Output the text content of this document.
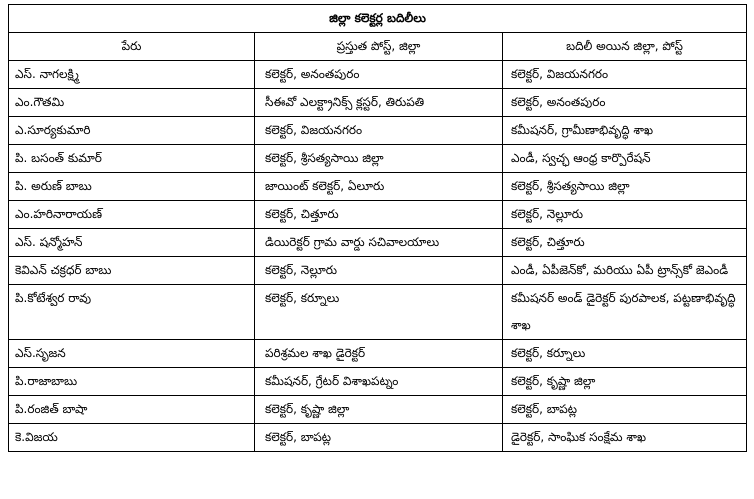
జిల్లా కలెక్టర్ల బదిలీలు		
పేరు	ప్రస్తుత పోస్ట్, జిల్లా	బదిలీ అయిన జిల్లా, పోస్ట్
ఎస్. నాగలక్ష్మి	కలెక్టర్, అనంతపురం	కలెక్టర్, విజయనగరం
ఎం.గౌతమి	సీఈవో ఎలక్ట్రానిక్స్ క్లస్టర్, తిరుపతి	కలెక్టర్, అనంతపురం
ఎ.సూర్యకుమారి	కలెక్టర్, విజయనగరం	కమీషనర్, గ్రామీణాభివృద్ధి శాఖ
పి. బసంత్ కుమార్	కలెక్టర్, శ్రీసత్యసాయి జిల్లా	ఎండీ, స్వచ్ఛ ఆంధ్ర కార్పొరేషన్
పి. అరుణ్ బాబు	జాయింట్ కలెక్టర్, ఏలూరు	కలెక్టర్, శ్రీసత్యసాయి జిల్లా
ఎం.హరినారాయణ్	కలెక్టర్, చిత్తూరు	కలెక్టర్, నెల్లూరు
ఎస్. షన్మోహన్	డియిరెక్టర్ గ్రామ వార్డు సచివాలయాలు	కలెక్టర్, చిత్తూరు
కెవిఎన్ చక్రధర్ బాబు	కలెక్టర్, నెల్లూరు	ఎండీ, ఏపీజెన్‌కో, మరియు ఏపీ ట్రాన్స్‌కో జెఎండీ
పి.కోటేశ్వర రావు	కలెక్టర్, కర్నూలు	కమీషనర్ అండ్ డైరెక్టర్ పురపాలక, పట్టణాభివృద్ధి శాఖ
ఎస్.సృజన	పరిశ్రమల శాఖ డైరెక్టర్	కలెక్టర్, కర్నూలు
పి.రాజాబాబు	కమీషనర్, గ్రేటర్ విశాఖపట్నం	కలెక్టర్, కృష్ణా జిల్లా
పి.రంజిత్ బాషా	కలెక్టర్, కృష్ణా జిల్లా	కలెక్టర్, బాపట్ల
కె.విజయ	కలెక్టర్, బాపట్ల	డైరెక్టర్, సాంఘిక సంక్షేమ శాఖ
